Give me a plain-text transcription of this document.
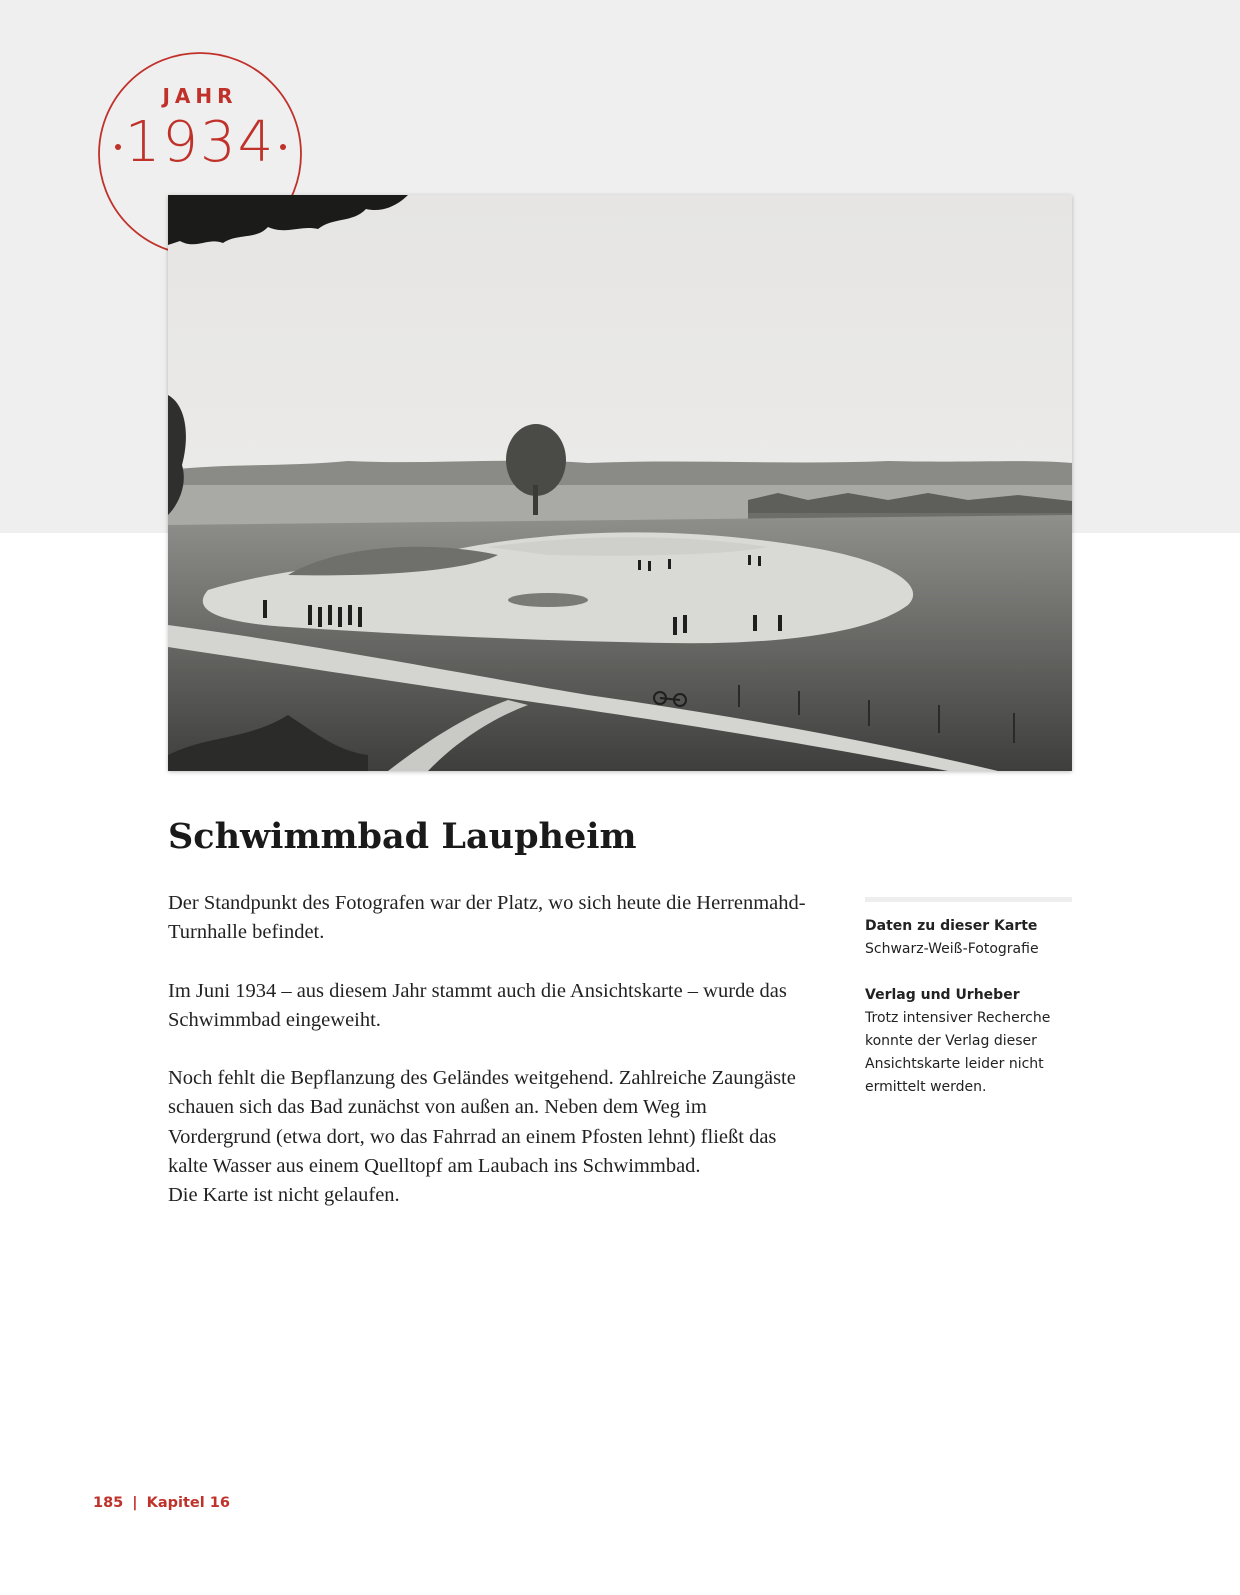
JAHR
1934
Schwimmbad Laupheim

Der Standpunkt des Fotografen war der Platz, wo sich heute die Herrenmahd-Turnhalle befindet.

Im Juni 1934 – aus diesem Jahr stammt auch die Ansichtskarte – wurde das Schwimmbad eingeweiht.

Noch fehlt die Bepflanzung des Geländes weitgehend. Zahlreiche Zaungäste schauen sich das Bad zunächst von außen an. Neben dem Weg im Vordergrund (etwa dort, wo das Fahrrad an einem Pfosten lehnt) fließt das kalte Wasser aus einem Quelltopf am Laubach ins Schwimmbad.

Die Karte ist nicht gelaufen.

Daten zu dieser Karte
Schwarz-Weiß-Fotografie
Verlag und Urheber
Trotz intensiver Recherche konnte der Verlag dieser Ansichtskarte leider nicht ermittelt werden.
185 | Kapitel 16
